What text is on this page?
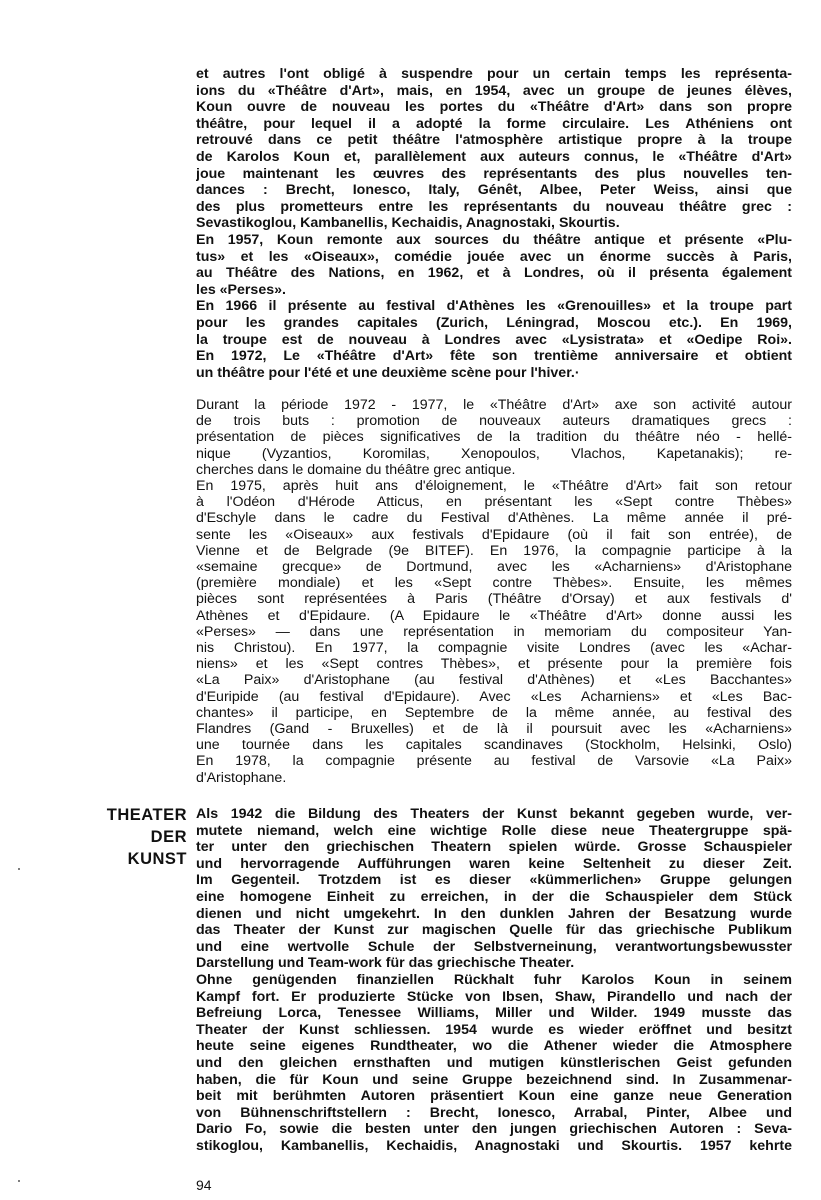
et autres l'ont obligé à suspendre pour un certain temps les représenta-
ions du «Théâtre d'Art», mais, en 1954, avec un groupe de jeunes élèves,
Koun ouvre de nouveau les portes du «Théâtre d'Art» dans son propre
théâtre, pour lequel il a adopté la forme circulaire. Les Athéniens ont
retrouvé dans ce petit théâtre l'atmosphère artistique propre à la troupe
de Karolos Koun et, parallèlement aux auteurs connus, le «Théâtre d'Art»
joue maintenant les œuvres des représentants des plus nouvelles ten-
dances : Brecht, Ionesco, Italy, Génêt, Albee, Peter Weiss, ainsi que
des plus prometteurs entre les représentants du nouveau théâtre grec :
Sevastikoglou, Kambanellis, Kechaidis, Anagnostaki, Skourtis.
En 1957, Koun remonte aux sources du théâtre antique et présente «Plu-
tus» et les «Oiseaux», comédie jouée avec un énorme succès à Paris,
au Théâtre des Nations, en 1962, et à Londres, où il présenta également
les «Perses».
En 1966 il présente au festival d'Athènes les «Grenouilles» et la troupe part
pour les grandes capitales (Zurich, Léningrad, Moscou etc.). En 1969,
la troupe est de nouveau à Londres avec «Lysistrata» et «Oedipe Roi».
En 1972, Le «Théâtre d'Art» fête son trentième anniversaire et obtient
un théâtre pour l'été et une deuxième scène pour l'hiver.·
Durant la période 1972 - 1977, le «Théâtre d'Art» axe son activité autour
de trois buts : promotion de nouveaux auteurs dramatiques grecs :
présentation de pièces significatives de la tradition du théâtre néo - hellé-
nique (Vyzantios, Koromilas, Xenopoulos, Vlachos, Kapetanakis); re-
cherches dans le domaine du théâtre grec antique.
En 1975, après huit ans d'éloignement, le «Théâtre d'Art» fait son retour
à l'Odéon d'Hérode Atticus, en présentant les «Sept contre Thèbes»
d'Eschyle dans le cadre du Festival d'Athènes. La même année il pré-
sente les «Oiseaux» aux festivals d'Epidaure (où il fait son entrée), de
Vienne et de Belgrade (9e BITEF). En 1976, la compagnie participe à la
«semaine grecque» de Dortmund, avec les «Acharniens» d'Aristophane
(première mondiale) et les «Sept contre Thèbes». Ensuite, les mêmes
pièces sont représentées à Paris (Théâtre d'Orsay) et aux festivals d'
Athènes et d'Epidaure. (A Epidaure le «Théâtre d'Art» donne aussi les
«Perses» — dans une représentation in memoriam du compositeur Yan-
nis Christou). En 1977, la compagnie visite Londres (avec les «Achar-
niens» et les «Sept contres Thèbes», et présente pour la première fois
«La Paix» d'Aristophane (au festival d'Athènes) et «Les Bacchantes»
d'Euripide (au festival d'Epidaure). Avec «Les Acharniens» et «Les Bac-
chantes» il participe, en Septembre de la même année, au festival des
Flandres (Gand - Bruxelles) et de là il poursuit avec les «Acharniens»
une tournée dans les capitales scandinaves (Stockholm, Helsinki, Oslo)
En 1978, la compagnie présente au festival de Varsovie «La Paix»
d'Aristophane.
THEATER
DER
KUNST
Als 1942 die Bildung des Theaters der Kunst bekannt gegeben wurde, ver-
mutete niemand, welch eine wichtige Rolle diese neue Theatergruppe spä-
ter unter den griechischen Theatern spielen würde. Grosse Schauspieler
und hervorragende Aufführungen waren keine Seltenheit zu dieser Zeit.
Im Gegenteil. Trotzdem ist es dieser «kümmerlichen» Gruppe gelungen
eine homogene Einheit zu erreichen, in der die Schauspieler dem Stück
dienen und nicht umgekehrt. In den dunklen Jahren der Besatzung wurde
das Theater der Kunst zur magischen Quelle für das griechische Publikum
und eine wertvolle Schule der Selbstverneinung, verantwortungsbewusster
Darstellung und Team-work für das griechische Theater.
Ohne genügenden finanziellen Rückhalt fuhr Karolos Koun in seinem
Kampf fort. Er produzierte Stücke von Ibsen, Shaw, Pirandello und nach der
Befreiung Lorca, Tenessee Williams, Miller und Wilder. 1949 musste das
Theater der Kunst schliessen. 1954 wurde es wieder eröffnet und besitzt
heute seine eigenes Rundtheater, wo die Athener wieder die Atmosphere
und den gleichen ernsthaften und mutigen künstlerischen Geist gefunden
haben, die für Koun und seine Gruppe bezeichnend sind. In Zusammenar-
beit mit berühmten Autoren präsentiert Koun eine ganze neue Generation
von Bühnenschriftstellern : Brecht, Ionesco, Arrabal, Pinter, Albee und
Dario Fo, sowie die besten unter den jungen griechischen Autoren : Seva-
stikoglou, Kambanellis, Kechaidis, Anagnostaki und Skourtis. 1957 kehrte
94
